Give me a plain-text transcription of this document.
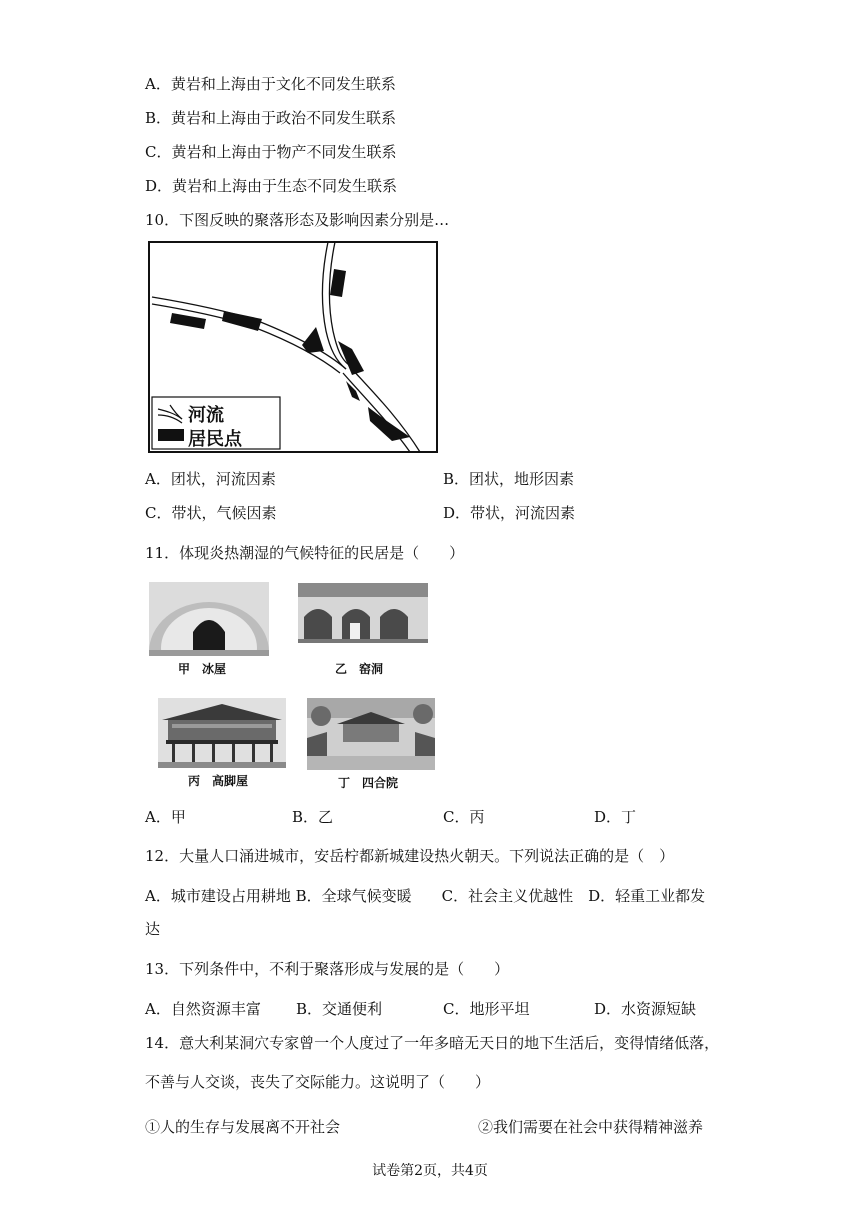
A．黄岩和上海由于文化不同发生联系
B．黄岩和上海由于政治不同发生联系
C．黄岩和上海由于物产不同发生联系
D．黄岩和上海由于生态不同发生联系
10．下图反映的聚落形态及影响因素分别是…
河流
居民点
A．团状，河流因素	B．团状，地形因素
C．带状，气候因素	D．带状，河流因素
11．体现炎热潮湿的气候特征的民居是（　　）
甲　冰屋	乙　窑洞
丙　高脚屋	丁　四合院
A．甲	B．乙	C．丙	D．丁
12．大量人口涌进城市，安岳柠都新城建设热火朝天。下列说法正确的是（　）
A．城市建设占用耕地 B．全球气候变暖　　C．社会主义优越性　D．轻重工业都发
达
13．下列条件中，不利于聚落形成与发展的是（　　）
A．自然资源丰富 B．交通便利	C．地形平坦	D．水资源短缺
14．意大利某洞穴专家曾一个人度过了一年多暗无天日的地下生活后，变得情绪低落，
不善与人交谈，丧失了交际能力。这说明了（　　）
①人的生存与发展离不开社会	②我们需要在社会中获得精神滋养
试卷第2页，共4页
